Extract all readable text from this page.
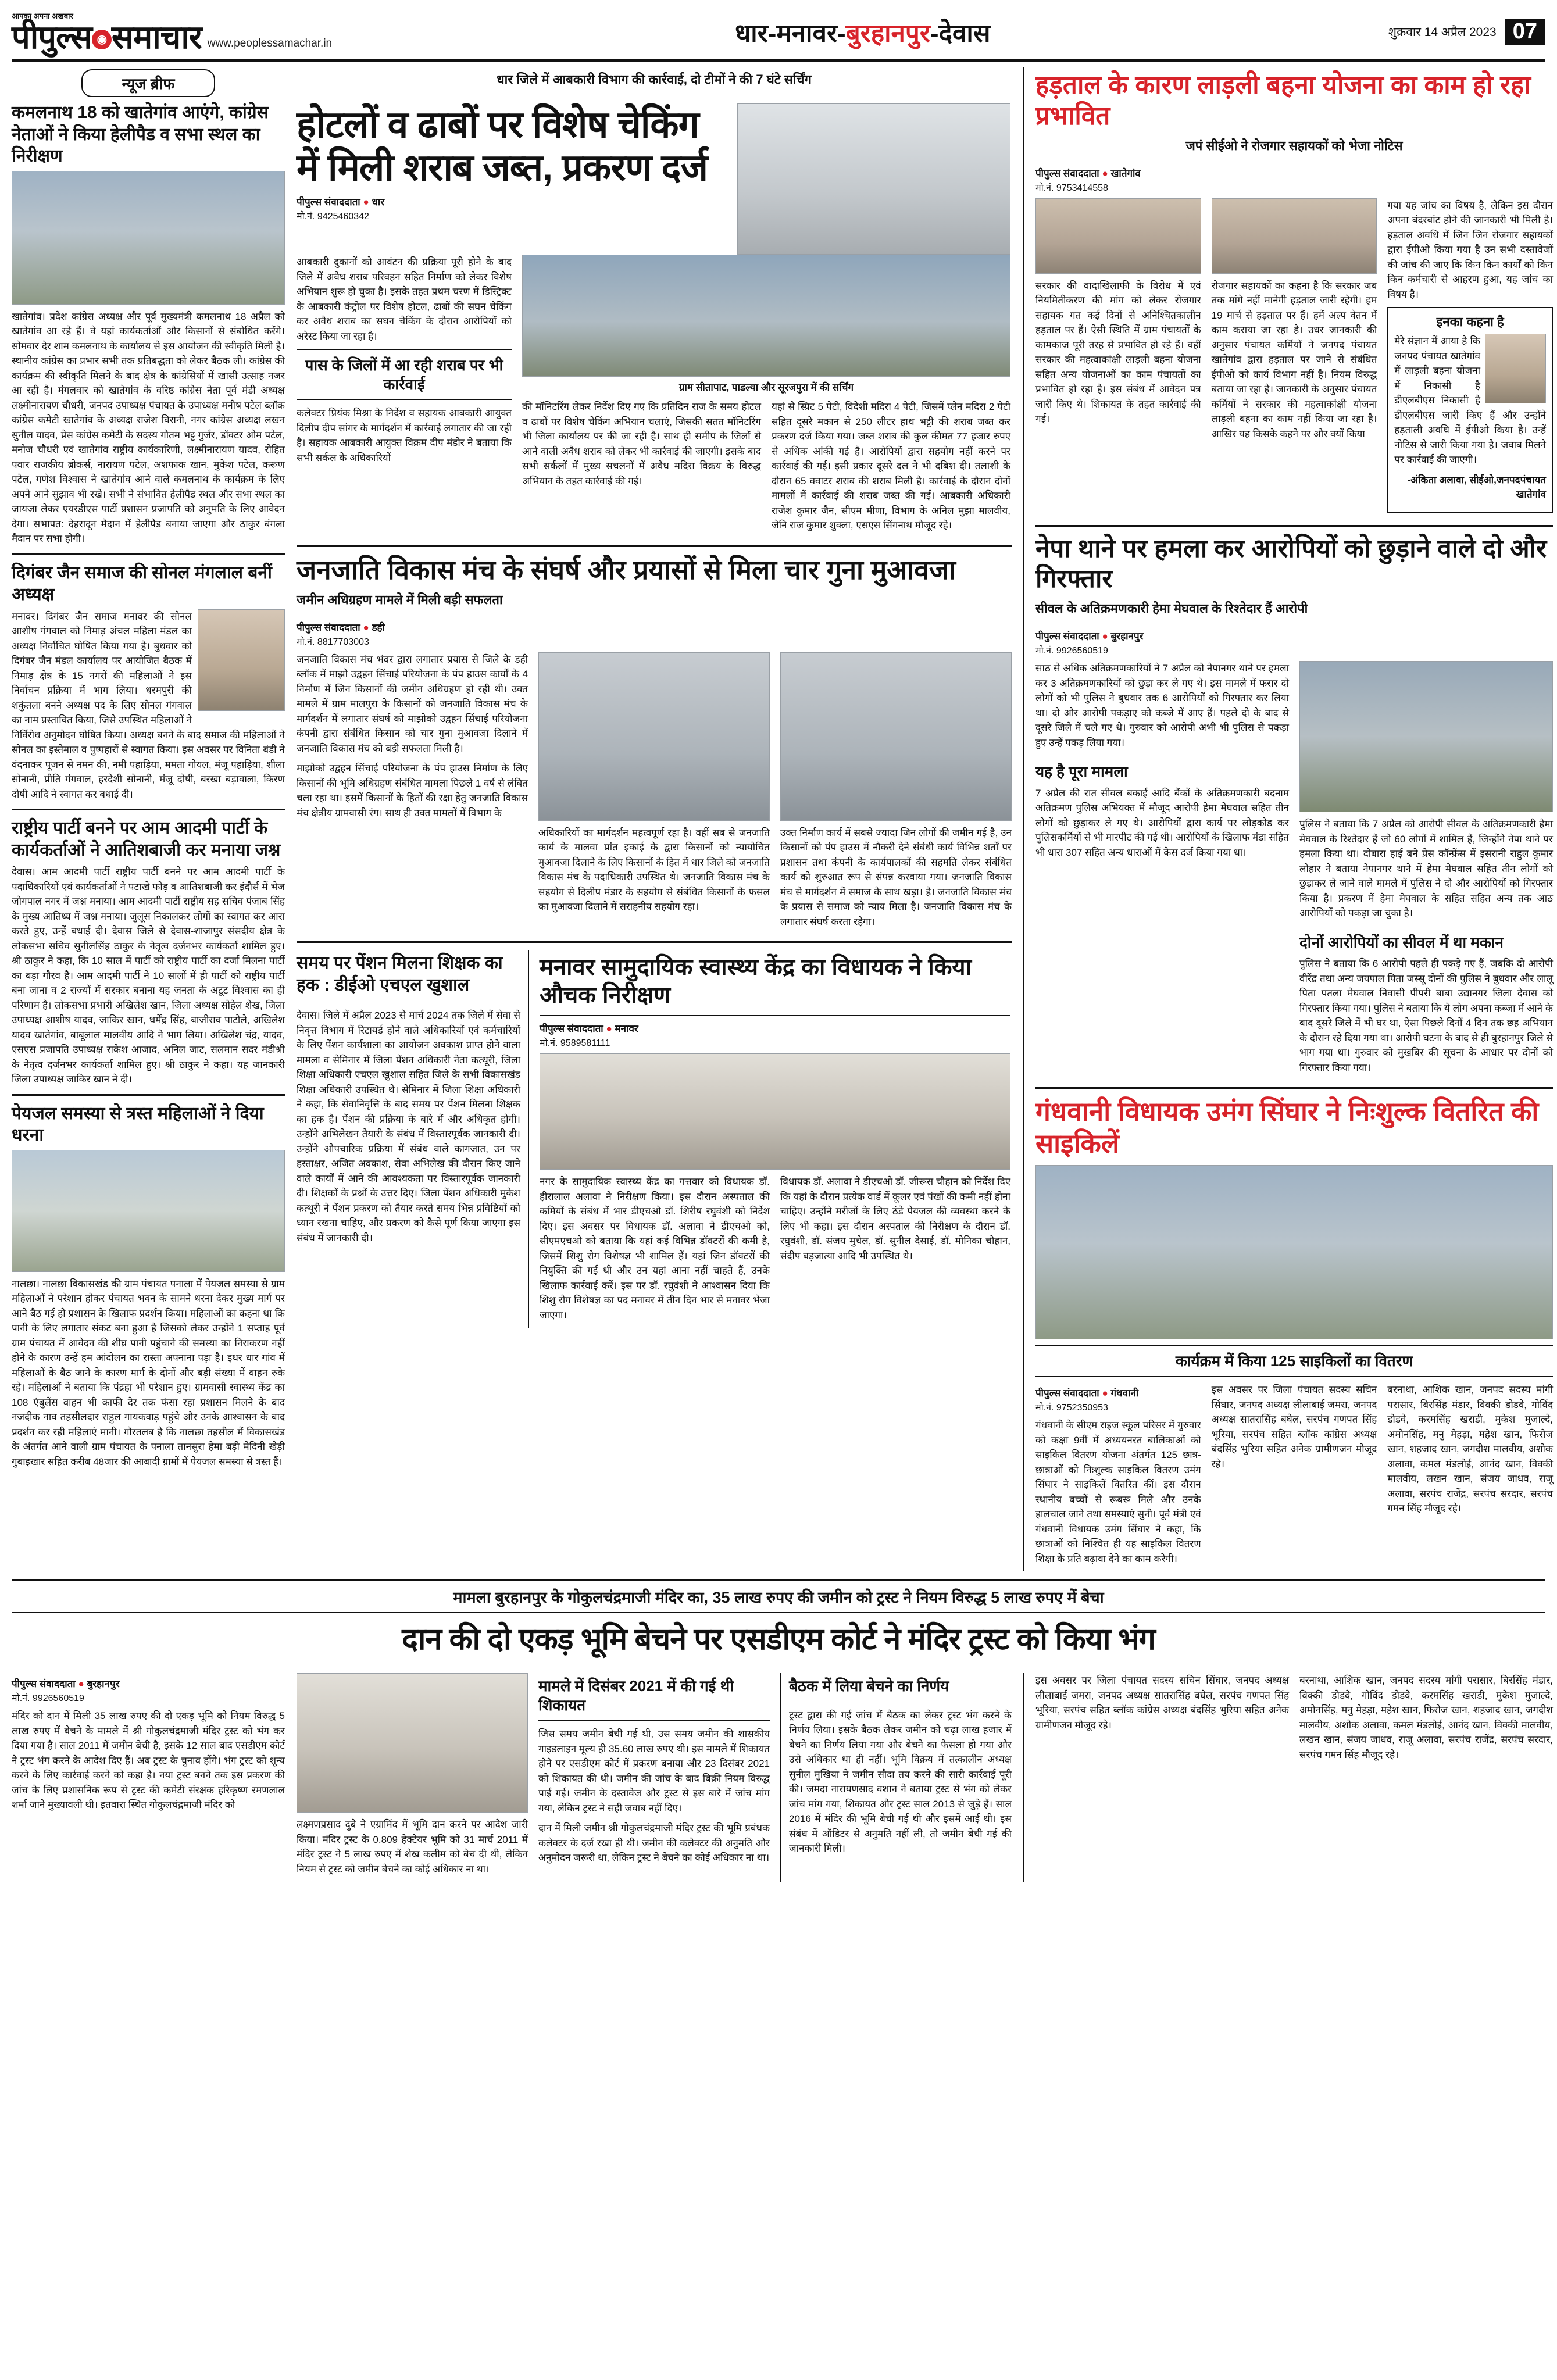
आपका अपना अखबार
पीपुल्स ◉ समाचार www.peoplessamachar.in	धार-मनावर-बुरहानपुर-देवास	शुक्रवार 14 अप्रैल 2023 07
न्यूज ब्रीफ
कमलनाथ 18 को खातेगांव आएंगे, कांग्रेस नेताओं ने किया हेलीपैड व सभा स्थल का निरीक्षण

खातेगांव। प्रदेश कांग्रेस अध्यक्ष और पूर्व मुख्यमंत्री कमलनाथ 18 अप्रैल को खातेगांव आ रहे हैं। वे यहां कार्यकर्ताओं और किसानों से संबोधित करेंगे। सोमवार देर शाम कमलनाथ के कार्यालय से इस आयोजन की स्वीकृति मिली है। स्थानीय कांग्रेस का प्रभार सभी तक प्रतिबद्धता को लेकर बैठक ली। कांग्रेस की कार्यक्रम की स्वीकृति मिलने के बाद क्षेत्र के कांग्रेसियों में खासी उत्साह नजर आ रही है। मंगलवार को खातेगांव के वरिष्ठ कांग्रेस नेता पूर्व मंडी अध्यक्ष लक्ष्मीनारायण चौधरी, जनपद उपाध्यक्ष पंचायत के उपाध्यक्ष मनीष पटेल ब्लॉक कांग्रेस कमेटी खातेगांव के अध्यक्ष राजेश विरानी, नगर कांग्रेस अध्यक्ष लखन सुनील यादव, प्रेस कांग्रेस कमेटी के सदस्य गौतम भट्ट गुर्जर, डॉक्टर ओम पटेल, मनोज चौधरी एवं खातेगांव राष्ट्रीय कार्यकारिणी, लक्ष्मीनारायण यादव, रोहित पवार राजकीय ब्रोकर्स, नारायण पटेल, अशफाक खान, मुकेश पटेल, करूण पटेल, गणेश विश्वास ने खातेगांव आने वाले कमलनाथ के कार्यक्रम के लिए अपने आने सुझाव भी रखे। सभी ने संभावित हेलीपैड स्थल और सभा स्थल का जायजा लेकर एयरडीएस पार्टी प्रशासन प्रजापति को अनुमति के लिए आवेदन देगा। सभापत: देहरादून मैदान में हेलीपैड बनाया जाएगा और ठाकुर बंगला मैदान पर सभा होगी।

दिगंबर जैन समाज की सोनल मंगलाल बनीं अध्यक्ष

मनावर। दिगंबर जैन समाज मनावर की सोनल आशीष गंगवाल को निमाड़ अंचल महिला मंडल का अध्यक्ष निर्वाचित घोषित किया गया है। बुधवार को दिगंबर जैन मंडल कार्यालय पर आयोजित बैठक में निमाड़ क्षेत्र के 15 नगरों की महिलाओं ने इस निर्वाचन प्रक्रिया में भाग लिया। धरमपुरी की शकुंतला बनने अध्यक्ष पद के लिए सोनल गंगवाल का नाम प्रस्तावित किया, जिसे उपस्थित महिलाओं ने निर्विरोध अनुमोदन घोषित किया। अध्यक्ष बनने के बाद समाज की महिलाओं ने सोनल का इस्तेमाल व पुष्पहारों से स्वागत किया। इस अवसर पर विनिता बंडी ने वंदनाकर पूजन से नमन की, नमी पहाड़िया, ममता गोयल, मंजू पहाड़िया, शीला सोनानी, प्रीति गंगवाल, हरदेशी सोनानी, मंजू दोषी, बरखा बड़ावाला, किरण दोषी आदि ने स्वागत कर बधाई दी।

राष्ट्रीय पार्टी बनने पर आम आदमी पार्टी के कार्यकर्ताओं ने आतिशबाजी कर मनाया जश्न

देवास। आम आदमी पार्टी राष्ट्रीय पार्टी बनने पर आम आदमी पार्टी के पदाधिकारियों एवं कार्यकर्ताओं ने पटाखे फोड़ व आतिशबाजी कर इंदौर्स में भेज जोगपाल नगर में जश्न मनाया। आम आदमी पार्टी राष्ट्रीय सह सचिव पंजाब सिंह के मुख्य आतिथ्य में जश्न मनाया। जुलूस निकालकर लोगों का स्वागत कर आरा करते हुए, उन्हें बधाई दी। देवास जिले से देवास-शाजापुर संसदीय क्षेत्र के लोकसभा सचिव सुनीलसिंह ठाकुर के नेतृत्व दर्जनभर कार्यकर्ता शामिल हुए। श्री ठाकुर ने कहा, कि 10 साल में पार्टी को राष्ट्रीय पार्टी का दर्जा मिलना पार्टी का बड़ा गौरव है। आम आदमी पार्टी ने 10 सालों में ही पार्टी को राष्ट्रीय पार्टी बना जाना व 2 राज्यों में सरकार बनाना यह जनता के अटूट विश्वास का ही परिणाम है। लोकसभा प्रभारी अखिलेश खान, जिला अध्यक्ष सोहेल शेख, जिला उपाध्यक्ष आशीष यादव, जाकिर खान, धर्मेंद्र सिंह, बाजीराव पाटोले, अखिलेश यादव खातेगांव, बाबूलाल मालवीय आदि ने भाग लिया। अखिलेश चंद्र, यादव, एसएस प्रजापति उपाध्यक्ष राकेश आजाद, अनिल जाट, सलमान सदर मंडीश्री के नेतृत्व दर्जनभर कार्यकर्ता शामिल हुए। श्री ठाकुर ने कहा। यह जानकारी जिला उपाध्यक्ष जाकिर खान ने दी।

पेयजल समस्या से त्रस्त महिलाओं ने दिया धरना

नालछा। नालछा विकासखंड की ग्राम पंचायत पनाला में पेयजल समस्या से ग्राम महिलाओं ने परेशान होकर पंचायत भवन के सामने धरना देकर मुख्य मार्ग पर आने बैठ गई हो प्रशासन के खिलाफ प्रदर्शन किया। महिलाओं का कहना था कि पानी के लिए लगातार संकट बना हुआ है जिसको लेकर उन्होंने 1 सप्ताह पूर्व ग्राम पंचायत में आवेदन की शीघ्र पानी पहुंचाने की समस्या का निराकरण नहीं होने के कारण उन्हें हम आंदोलन का रास्ता अपनाना पड़ा है। इधर धार गांव में महिलाओं के बैठ जाने के कारण मार्ग के दोनों और बड़ी संख्या में वाहन रुके रहे। महिलाओं ने बताया कि पंद्रहा भी परेशान हुए। ग्रामवासी स्वास्थ्य केंद्र का 108 एंबुलेंस वाहन भी काफी देर तक फंसा रहा प्रशासन मिलने के बाद नजदीक नाव तहसीलदार राहुल गायकवाड़ पहुंचे और उनके आश्वासन के बाद प्रदर्शन कर रही महिलाएं मानी। गौरतलब है कि नालछा तहसील में विकासखंड के अंतर्गत आने वाली ग्राम पंचायत के पनाला तानसुरा हेमा बड़ी मेदिनी खेड़ी गुबाइखार सहित करीब 48जार की आबादी ग्रामों में पेयजल समस्या से त्रस्त हैं।

धार जिले में आबकारी विभाग की कार्रवाई, दो टीमों ने की 7 घंटे सर्चिंग
होटलों व ढाबों पर विशेष चेकिंग में मिली शराब जब्त, प्रकरण दर्ज
पीपुल्स संवाददाता ● धार
मो.नं. 9425460342

आबकारी दुकानों को आवंटन की प्रक्रिया पूरी होने के बाद जिले में अवैध शराब परिवहन सहित निर्माण को लेकर विशेष अभियान शुरू हो चुका है। इसके तहत प्रथम चरण में डिस्ट्रिक्ट के आबकारी कंट्रोल पर विशेष होटल, ढाबों की सघन चेकिंग कर अवैध शराब का सघन चेकिंग के दौरान आरोपियों को अरेस्ट किया जा रहा है।

पास के जिलों में आ रही शराब पर भी कार्रवाई

कलेक्टर प्रियंक मिश्रा के निर्देश व सहायक आबकारी आयुक्त दिलीप दीप सांगर के मार्गदर्शन में कार्रवाई लगातार की जा रही है। सहायक आबकारी आयुक्त विक्रम दीप मंडोर ने बताया कि सभी सर्कल के अधिकारियों

ग्राम सीतापाट, पाडल्या और सूरजपुरा में की सर्चिंग

की मॉनिटरिंग लेकर निर्देश दिए गए कि प्रतिदिन राज के समय होटल व ढाबों पर विशेष चेकिंग अभियान चलाएं, जिसकी सतत मॉनिटरिंग भी जिला कार्यालय पर की जा रही है। साथ ही समीप के जिलों से आने वाली अवैध शराब को लेकर भी कार्रवाई की जाएगी। इसके बाद सभी सर्कलों में मुख्य सचलनों में अवैध मदिरा विक्रय के विरुद्ध अभियान के तहत कार्रवाई की गई।

यहां से स्प्रिट 5 पेटी, विदेशी मदिरा 4 पेटी, जिसमें प्लेन मदिरा 2 पेटी सहित दूसरे मकान से 250 लीटर हाथ भट्टी की शराब जब्त कर प्रकरण दर्ज किया गया। जब्त शराब की कुल कीमत 77 हजार रुपए से अधिक आंकी गई है। आरोपियों द्वारा सहयोग नहीं करने पर कार्रवाई की गई। इसी प्रकार दूसरे दल ने भी दबिश दी। तलाशी के दौरान 65 क्वाटर शराब की शराब मिली है। कार्रवाई के दौरान दोनों मामलों में कार्रवाई की शराब जब्त की गई। आबकारी अधिकारी राजेश कुमार जैन, सीएम मीणा, विभाग के अनिल मुझा मालवीय, जेनि राज कुमार शुक्ला, एसएस सिंगनाथ मौजूद रहे।

जनजाति विकास मंच के संघर्ष और प्रयासों से मिला चार गुना मुआवजा
जमीन अधिग्रहण मामले में मिली बड़ी सफलता
पीपुल्स संवाददाता ● डही
मो.नं. 8817703003

जनजाति विकास मंच भंवर द्वारा लगातार प्रयास से जिले के डही ब्लॉक में माझो उद्वहन सिंचाई परियोजना के पंप हाउस कार्यों के 4 निर्माण में जिन किसानों की जमीन अधिग्रहण हो रही थी। उक्त मामले में ग्राम मालपुरा के किसानों को जनजाति विकास मंच के मार्गदर्शन में लगातार संघर्ष को माझोको उद्वहन सिंचाई परियोजना कंपनी द्वारा संबंधित किसान को चार गुना मुआवजा दिलाने में जनजाति विकास मंच को बड़ी सफलता मिली है।

माझोको उद्वहन सिंचाई परियोजना के पंप हाउस निर्माण के लिए किसानों की भूमि अधिग्रहण संबंधित मामला पिछले 1 वर्ष से लंबित चला रहा था। इसमें किसानों के हितों की रक्षा हेतु जनजाति विकास मंच क्षेत्रीय ग्रामवासी रंग। साथ ही उक्त मामलों में विभाग के

अधिकारियों का मार्गदर्शन महत्वपूर्ण रहा है। वहीं सब से जनजाति कार्य के मालवा प्रांत इकाई के द्वारा किसानों को न्यायोचित मुआवजा दिलाने के लिए किसानों के हित में धार जिले को जनजाति विकास मंच के पदाधिकारी उपस्थित थे। जनजाति विकास मंच के सहयोग से दिलीप मंडार के सहयोग से संबंधित किसानों के फसल का मुआवजा दिलाने में सराहनीय सहयोग रहा।

उक्त निर्माण कार्य में सबसे ज्यादा जिन लोगों की जमीन गई है, उन किसानों को पंप हाउस में नौकरी देने संबंधी कार्य विभिन्न शर्तों पर प्रशासन तथा कंपनी के कार्यपालकों की सहमति लेकर संबंधित कार्य को शुरुआत रूप से संपन्न करवाया गया। जनजाति विकास मंच से मार्गदर्शन में समाज के साथ खड़ा। है। जनजाति विकास मंच के प्रयास से समाज को न्याय मिला है। जनजाति विकास मंच के लगातार संघर्ष करता रहेगा।

समय पर पेंशन मिलना शिक्षक का हक : डीईओ एचएल खुशाल

देवास। जिले में अप्रैल 2023 से मार्च 2024 तक जिले में सेवा से निवृत्त विभाग में रिटायर्ड होने वाले अधिकारियों एवं कर्मचारियों के लिए पेंशन कार्यशाला का आयोजन अवकाश प्राप्त होने वाला मामला व सेमिनार में जिला पेंशन अधिकारी नेता कत्थूरी, जिला शिक्षा अधिकारी एचएल खुशाल सहित जिले के सभी विकासखंड शिक्षा अधिकारी उपस्थित थे। सेमिनार में जिला शिक्षा अधिकारी ने कहा, कि सेवानिवृत्ति के बाद समय पर पेंशन मिलना शिक्षक का हक है। पेंशन की प्रक्रिया के बारे में और अधिकृत होगी। उन्होंने अभिलेखन तैयारी के संबंध में विस्तारपूर्वक जानकारी दी। उन्होंने औपचारिक प्रक्रिया में संबंध वाले कागजात, उन पर हस्ताक्षर, अजित अवकाश, सेवा अभिलेख की दौरान किए जाने वाले कार्यों में आने की आवश्यकता पर विस्तारपूर्वक जानकारी दी। शिक्षकों के प्रश्नों के उत्तर दिए। जिला पेंशन अधिकारी मुकेश कत्थूरी ने पेंशन प्रकरण को तैयार करते समय भिन्न प्रविष्टियों को ध्यान रखना चाहिए, और प्रकरण को कैसे पूर्ण किया जाएगा इस संबंध में जानकारी दी।

मनावर सामुदायिक स्वास्थ्य केंद्र का विधायक ने किया औचक निरीक्षण
पीपुल्स संवाददाता ● मनावर
मो.नं. 9589581111

नगर के सामुदायिक स्वास्थ्य केंद्र का गत्तवार को विधायक डॉ. हीरालाल अलावा ने निरीक्षण किया। इस दौरान अस्पताल की कमियों के संबंध में भार डीएचओ डॉ. शिरीष रघुवंशी को निर्देश दिए। इस अवसर पर विधायक डॉ. अलावा ने डीएचओ को, सीएमएचओ को बताया कि यहां कई विभिन्न डॉक्टरों की कमी है, जिसमें शिशु रोग विशेषज्ञ भी शामिल हैं। यहां जिन डॉक्टरों की नियुक्ति की गई थी और उन यहां आना नहीं चाहते हैं, उनके खिलाफ कार्रवाई करें। इस पर डॉ. रघुवंशी ने आश्वासन दिया कि शिशु रोग विशेषज्ञ का पद मनावर में तीन दिन भार से मनावर भेजा जाएगा।

विधायक डॉ. अलावा ने डीएचओ डॉ. जीरूस चौहान को निर्देश दिए कि यहां के दौरान प्रत्येक वार्ड में कूलर एवं पंखों की कमी नहीं होना चाहिए। उन्होंने मरीजों के लिए ठंडे पेयजल की व्यवस्था करने के लिए भी कहा। इस दौरान अस्पताल की निरीक्षण के दौरान डॉ. रघुवंशी, डॉ. संजय मुचेल, डॉ. सुनील देसाई, डॉ. मोनिका चौहान, संदीप बड़जात्या आदि भी उपस्थित थे।

हड़ताल के कारण लाड़ली बहना योजना का काम हो रहा प्रभावित
जपं सीईओ ने रोजगार सहायकों को भेजा नोटिस
पीपुल्स संवाददाता ● खातेगांव
मो.नं. 9753414558

सरकार की वादाखिलाफी के विरोध में एवं नियमितीकरण की मांग को लेकर रोजगार सहायक गत कई दिनों से अनिश्चितकालीन हड़ताल पर हैं। ऐसी स्थिति में ग्राम पंचायतों के कामकाज पूरी तरह से प्रभावित हो रहे हैं। वहीं सरकार की महत्वाकांक्षी लाड़ली बहना योजना सहित अन्य योजनाओं का काम पंचायतों का प्रभावित हो रहा है। इस संबंध में आवेदन पत्र जारी किए थे। शिकायत के तहत कार्रवाई की गई।

रोजगार सहायकों का कहना है कि सरकार जब तक मांगे नहीं मानेगी हड़ताल जारी रहेगी। हम 19 मार्च से हड़ताल पर हैं। हमें अल्प वेतन में काम कराया जा रहा है। उधर जानकारी की अनुसार पंचायत कर्मियों ने जनपद पंचायत खातेगांव द्वारा हड़ताल पर जाने से संबंधित ईपीओ को कार्य विभाग नहीं है। नियम विरुद्ध बताया जा रहा है। जानकारी के अनुसार पंचायत कर्मियों ने सरकार की महत्वाकांक्षी योजना लाड़ली बहना का काम नहीं किया जा रहा है। आखिर यह किसके कहने पर और क्यों किया

गया यह जांच का विषय है, लेकिन इस दौरान अपना बंदरबांट होने की जानकारी भी मिली है। हड़ताल अवधि में जिन जिन रोजगार सहायकों द्वारा ईपीओ किया गया है उन सभी दस्तावेजों की जांच की जाए कि किन किन कार्यों को किन किन कर्मचारी से आहरण हुआ, यह जांच का विषय है।

इनका कहना है

मेरे संज्ञान में आया है कि जनपद पंचायत खातेगांव में लाड़ली बहना योजना में निकासी है डीएलबीएस निकासी है डीएलबीएस जारी किए हैं और उन्होंने हड़ताली अवधि में ईपीओ किया है। उन्हें नोटिस से जारी किया गया है। जवाब मिलने पर कार्रवाई की जाएगी।

-अंकिता अलावा, सीईओ,जनपदपंचायत खातेगांव

नेपा थाने पर हमला कर आरोपियों को छुड़ाने वाले दो और गिरफ्तार
सीवल के अतिक्रमणकारी हेमा मेघवाल के रिश्तेदार हैं आरोपी
पीपुल्स संवाददाता ● बुरहानपुर
मो.नं. 9926560519

साठ से अधिक अतिक्रमणकारियों ने 7 अप्रैल को नेपानगर थाने पर हमला कर 3 अतिक्रमणकारियों को छुड़ा कर ले गए थे। इस मामले में फरार दो लोगों को भी पुलिस ने बुधवार तक 6 आरोपियों को गिरफ्तार कर लिया था। दो और आरोपी पकड़ाए को कब्जे में आए हैं। पहले दो के बाद से दूसरे जिले में चले गए थे। गुरुवार को आरोपी अभी भी पुलिस से पकड़ा हुए उन्हें पकड़ लिया गया।

यह है पूरा मामला

7 अप्रैल की रात सीवल बकाई आदि बैंकों के अतिक्रमणकारी बदनाम अतिक्रमण पुलिस अभियक्त में मौजूद आरोपी हेमा मेघवाल सहित तीन लोगों को छुड़ाकर ले गए थे। आरोपियों द्वारा कार्य पर लोड़कोड कर पुलिसकर्मियों से भी मारपीट की गई थी। आरोपियों के खिलाफ मंडा सहित भी धारा 307 सहित अन्य धाराओं में केस दर्ज किया गया था।

पुलिस ने बताया कि 7 अप्रैल को आरोपी सीवल के अतिक्रमणकारी हेमा मेघवाल के रिश्तेदार हैं जो 60 लोगों में शामिल हैं, जिन्होंने नेपा थाने पर हमला किया था। दोबारा हाई बने प्रेस कॉन्फ्रेंस में इसरानी राहुल कुमार लोहार ने बताया नेपानगर थाने में हेमा मेघवाल सहित तीन लोगों को छुड़ाकर ले जाने वाले मामले में पुलिस ने दो और आरोपियों को गिरफ्तार किया है। प्रकरण में हेमा मेघवाल के सहित सहित अन्य तक आठ आरोपियों को पकड़ा जा चुका है।

दोनों आरोपियों का सीवल में था मकान

पुलिस ने बताया कि 6 आरोपी पहले ही पकड़े गए हैं, जबकि दो आरोपी वीरेंद्र तथा अन्य जयपाल पिता जस्सू दोनों की पुलिस ने बुधवार और लालू पिता पतला मेघवाल निवासी पीपरी बाबा उद्यानगर जिला देवास को गिरफ्तार किया गया। पुलिस ने बताया कि ये लोग अपना कब्जा में आने के बाद दूसरे जिले में भी घर था, ऐसा पिछले दिनों 4 दिन तक छह अभियान के दौरान रहे दिया गया था। आरोपी घटना के बाद से ही बुरहानपुर जिले से भाग गया था। गुरुवार को मुखबिर की सूचना के आधार पर दोनों को गिरफ्तार किया गया।

गंधवानी विधायक उमंग सिंघार ने निःशुल्क वितरित की साइकिलें
कार्यक्रम में किया 125 साइकिलों का वितरण
पीपुल्स संवाददाता ● गंधवानी
मो.नं. 9752350953

गंधवानी के सीएम राइज स्कूल परिसर में गुरुवार को कक्षा 9वीं में अध्ययनरत बालिकाओं को साइकिल वितरण योजना अंतर्गत 125 छात्र-छात्राओं को निःशुल्क साइकिल वितरण उमंग सिंघार ने साइकिलें वितरित कीं। इस दौरान स्थानीय बच्चों से रूबरू मिले और उनके हालचाल जाने तथा समस्याएं सुनी। पूर्व मंत्री एवं गंधवानी विधायक उमंग सिंघार ने कहा, कि छात्राओं को निश्चित ही यह साइकिल वितरण शिक्षा के प्रति बढ़ावा देने का काम करेगी।

इस अवसर पर जिला पंचायत सदस्य सचिन सिंघार, जनपद अध्यक्ष लीलाबाई जमरा, जनपद अध्यक्ष सातरासिंह बघेल, सरपंच गणपत सिंह भूरिया, सरपंच सहित ब्लॉक कांग्रेस अध्यक्ष बंदसिंह भुरिया सहित अनेक ग्रामीणजन मौजूद रहे।

बरनाथा, आशिक खान, जनपद सदस्य मांगी परासार, बिरसिंह मंडार, विक्की डोडवे, गोविंद डोडवे, करमसिंह खराडी, मुकेश मुजाल्दे, अमोनसिंह, मनु मेहड़ा, महेश खान, फिरोज खान, शहजाद खान, जगदीश मालवीय, अशोक अलावा, कमल मंडलोई, आनंद खान, विक्की मालवीय, लखन खान, संजय जाधव, राजू अलावा, सरपंच राजेंद्र, सरपंच सरदार, सरपंच गमन सिंह मौजूद रहे।

मामला बुरहानपुर के गोकुलचंद्रमाजी मंदिर का, 35 लाख रुपए की जमीन को ट्रस्ट ने नियम विरुद्ध 5 लाख रुपए में बेचा
दान की दो एकड़ भूमि बेचने पर एसडीएम कोर्ट ने मंदिर ट्रस्ट को किया भंग
पीपुल्स संवाददाता ● बुरहानपुर
मो.नं. 9926560519

मंदिर को दान में मिली 35 लाख रुपए की दो एकड़ भूमि को नियम विरुद्ध 5 लाख रुपए में बेचने के मामले में श्री गोकुलचंद्रमाजी मंदिर ट्रस्ट को भंग कर दिया गया है। साल 2011 में जमीन बेची है, इसके 12 साल बाद एसडीएम कोर्ट ने ट्रस्ट भंग करने के आदेश दिए हैं। अब ट्रस्ट के चुनाव होंगे। भंग ट्रस्ट को शून्य करने के लिए कार्रवाई करने को कहा है। नया ट्रस्ट बनने तक इस प्रकरण की जांच के लिए प्रशासनिक रूप से ट्रस्ट की कमेटी संरक्षक हरिकृष्ण रमणलाल शर्मा जाने मुख्यावली थी। इतवारा स्थित गोकुलचंद्रमाजी मंदिर को

लक्ष्मणप्रसाद दुबे ने एग्रामिंद में भूमि दान करने पर आदेश जारी किया। मंदिर ट्रस्ट के 0.809 हेक्टेयर भूमि को 31 मार्च 2011 में मंदिर ट्रस्ट ने 5 लाख रुपए में शेख कलीम को बेच दी थी, लेकिन नियम से ट्रस्ट को जमीन बेचने का कोई अधिकार ना था।

मामले में दिसंबर 2021 में की गई थी शिकायत

जिस समय जमीन बेची गई थी, उस समय जमीन की शासकीय गाइडलाइन मूल्य ही 35.60 लाख रुपए थी। इस मामले में शिकायत होने पर एसडीएम कोर्ट में प्रकरण बनाया और 23 दिसंबर 2021 को शिकायत की थी। जमीन की जांच के बाद बिक्री नियम विरुद्ध पाई गई। जमीन के दस्तावेज और ट्रस्ट से इस बारे में जांच मांग गया, लेकिन ट्रस्ट ने सही जवाब नहीं दिए।

दान में मिली जमीन श्री गोकुलचंद्रमाजी मंदिर ट्रस्ट की भूमि प्रबंधक कलेक्टर के दर्ज रखा ही थी। जमीन की कलेक्टर की अनुमति और अनुमोदन जरूरी था, लेकिन ट्रस्ट ने बेचने का कोई अधिकार ना था।

बैठक में लिया बेचने का निर्णय

ट्रस्ट द्वारा की गई जांच में बैठक का लेकर ट्रस्ट भंग करने के निर्णय लिया। इसके बैठक लेकर जमीन को चढ़ा लाख हजार में बेचने का निर्णय लिया गया और बेचने का फैसला हो गया और उसे अधिकार था ही नहीं। भूमि विक्रय में तत्कालीन अध्यक्ष सुनील मुखिया ने जमीन सौदा तय करने की सारी कार्रवाई पूरी की। जमदा नारायणसाद वशान ने बताया ट्रस्ट से भंग को लेकर जांच मांग गया, शिकायत और ट्रस्ट साल 2013 से जुड़े हैं। साल 2016 में मंदिर की भूमि बेची गई थी और इसमें आई थी। इस संबंध में ऑडिटर से अनुमति नहीं ली, तो जमीन बेची गई की जानकारी मिली।

इस अवसर पर जिला पंचायत सदस्य सचिन सिंघार, जनपद अध्यक्ष लीलाबाई जमरा, जनपद अध्यक्ष सातरासिंह बघेल, सरपंच गणपत सिंह भूरिया, सरपंच सहित ब्लॉक कांग्रेस अध्यक्ष बंदसिंह भुरिया सहित अनेक ग्रामीणजन मौजूद रहे।

बरनाथा, आशिक खान, जनपद सदस्य मांगी परासार, बिरसिंह मंडार, विक्की डोडवे, गोविंद डोडवे, करमसिंह खराडी, मुकेश मुजाल्दे, अमोनसिंह, मनु मेहड़ा, महेश खान, फिरोज खान, शहजाद खान, जगदीश मालवीय, अशोक अलावा, कमल मंडलोई, आनंद खान, विक्की मालवीय, लखन खान, संजय जाधव, राजू अलावा, सरपंच राजेंद्र, सरपंच सरदार, सरपंच गमन सिंह मौजूद रहे।
